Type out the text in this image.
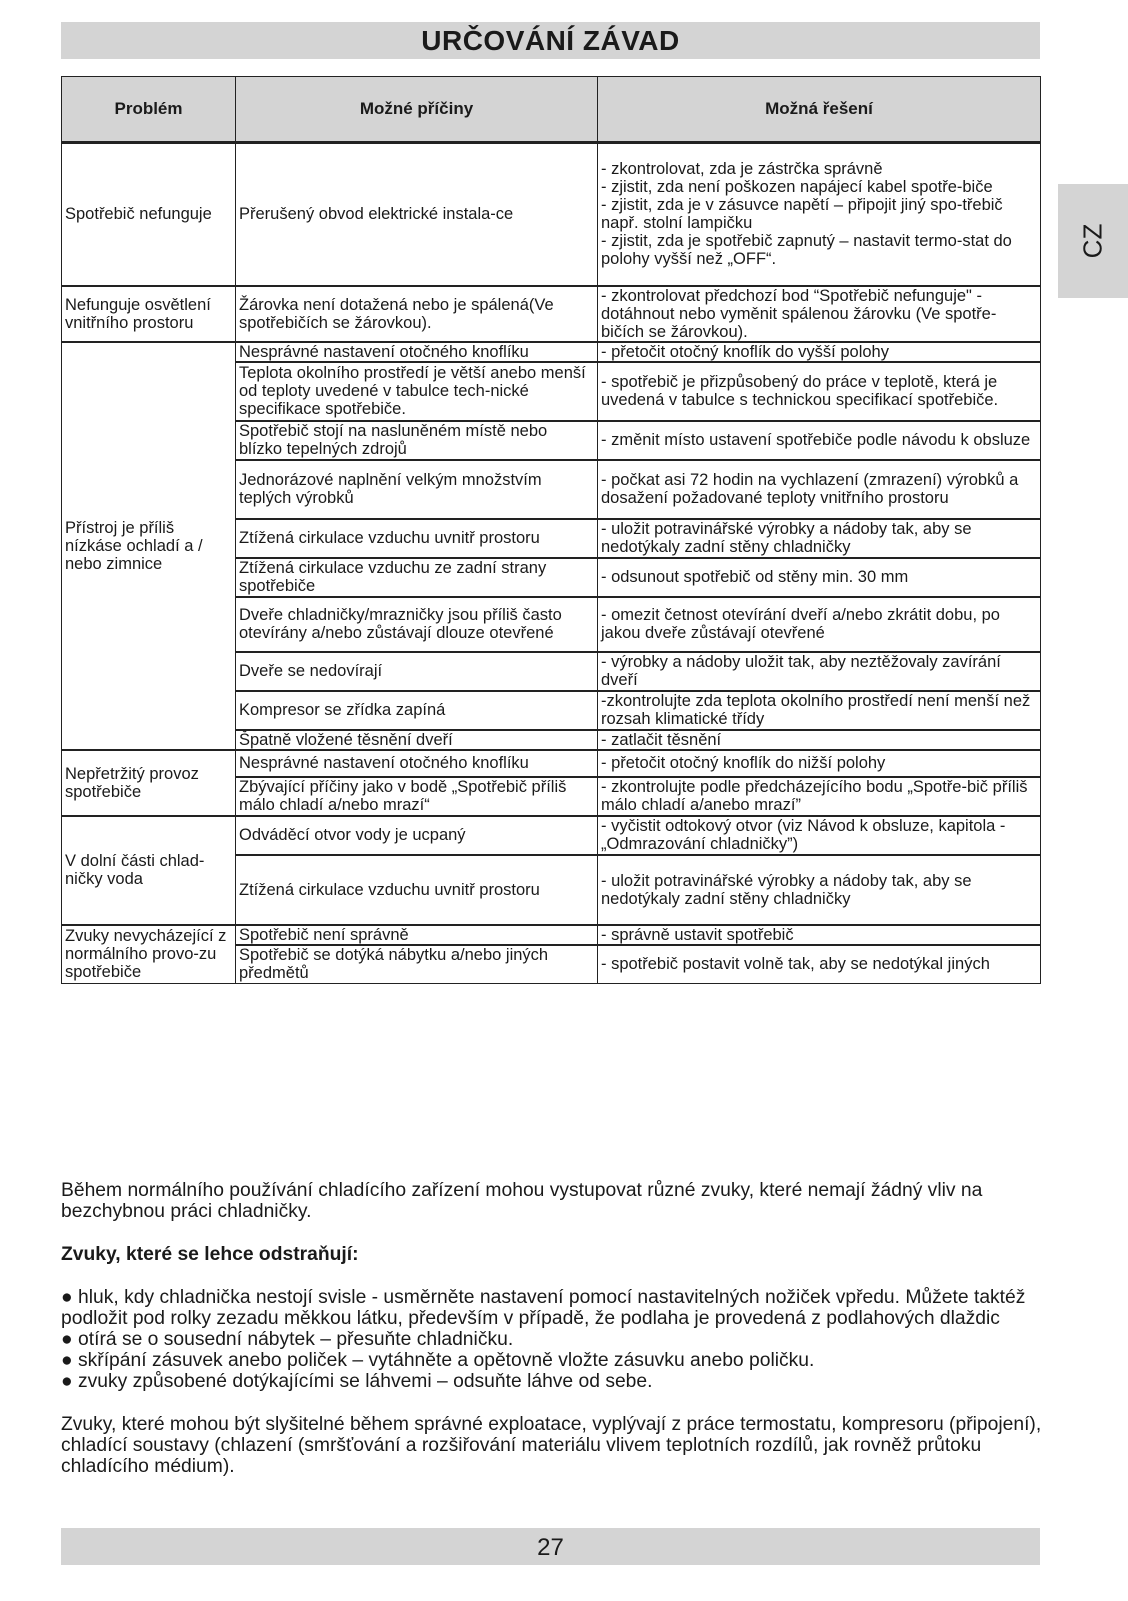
URČOVÁNÍ ZÁVAD
CZ
Problém	Možné příčiny	Možná řešení
Spotřebič nefunguje	Přerušený obvod elektrické instala-ce	- zkontrolovat, zda je zástrčka správně
- zjistit, zda není poškozen napájecí kabel spotře-biče
- zjistit, zda je v zásuvce napětí – připojit jiný spo-třebič např. stolní lampičku
- zjistit, zda je spotřebič zapnutý – nastavit termo-stat do polohy vyšší než „OFF“.
Nefunguje osvětlení vnitřního prostoru	Žárovka není dotažená nebo je spálená(Ve spotřebičích se žárovkou).	- zkontrolovat předchozí bod “Spotřebič nefunguje" - dotáhnout nebo vyměnit spálenou žárovku (Ve spotře-bičích se žárovkou).
Přístroj je příliš nízkáse ochladí a / nebo zimnice	Nesprávné nastavení otočného knoflíku	- přetočit otočný knoflík do vyšší polohy
	Teplota okolního prostředí je větší anebo menší od teploty uvedené v tabulce tech-nické specifikace spotřebiče.	- spotřebič je přizpůsobený do práce v teplotě, která je uvedená v tabulce s technickou specifikací spotřebiče.
	Spotřebič stojí na nasluněném místě nebo blízko tepelných zdrojů	- změnit místo ustavení spotřebiče podle návodu k obsluze
	Jednorázové naplnění velkým množstvím teplých výrobků	- počkat asi 72 hodin na vychlazení (zmrazení) výrobků a dosažení požadované teploty vnitřního prostoru
	Ztížená cirkulace vzduchu uvnitř prostoru	- uložit potravinářské výrobky a nádoby tak, aby se nedotýkaly zadní stěny chladničky
	Ztížená cirkulace vzduchu ze zadní strany spotřebiče	- odsunout spotřebič od stěny min. 30 mm
	Dveře chladničky/mrazničky jsou příliš často otevírány a/nebo zůstávají dlouze otevřené	- omezit četnost otevírání dveří a/nebo zkrátit dobu, po jakou dveře zůstávají otevřené
	Dveře se nedovírají	- výrobky a nádoby uložit tak, aby neztěžovaly zavírání dveří
	Kompresor se zřídka zapíná	-zkontrolujte zda teplota okolního prostředí není menší než rozsah klimatické třídy
	Špatně vložené těsnění dveří	- zatlačit těsnění
Nepřetržitý provoz spotřebiče	Nesprávné nastavení otočného knoflíku	- přetočit otočný knoflík do nižší polohy
	Zbývající příčiny jako v bodě „Spotřebič příliš málo chladí a/nebo mrazí“	- zkontrolujte podle předcházejícího bodu „Spotře-bič příliš málo chladí a/anebo mrazí”
V dolní části chlad-ničky voda	Odváděcí otvor vody je ucpaný	- vyčistit odtokový otvor (viz Návod k obsluze, kapitola - „Odmrazování chladničky”)
	Ztížená cirkulace vzduchu uvnitř prostoru	- uložit potravinářské výrobky a nádoby tak, aby se nedotýkaly zadní stěny chladničky
Zvuky nevycházející z normálního provo-zu spotřebiče	Spotřebič není správně	- správně ustavit spotřebič
	Spotřebič se dotýká nábytku a/nebo jiných předmětů	- spotřebič postavit volně tak, aby se nedotýkal jiných

Během normálního používání chladícího zařízení mohou vystupovat různé zvuky, které nemají žádný vliv na bezchybnou práci chladničky.

Zvuky, které se lehce odstraňují:

● hluk, kdy chladnička nestojí svisle - usměrněte nastavení pomocí nastavitelných nožiček vpředu. Můžete taktéž podložit pod rolky zezadu měkkou látku, především v případě, že podlaha je provedená z podlahových dlaždic

● otírá se o sousední nábytek – přesuňte chladničku.

● skřípání zásuvek anebo poliček – vytáhněte a opětovně vložte zásuvku anebo poličku.

● zvuky způsobené dotýkajícími se láhvemi – odsuňte láhve od sebe.

Zvuky, které mohou být slyšitelné během správné exploatace, vyplývají z práce termostatu, kompresoru (připojení), chladící soustavy (chlazení (smršťování a rozšiřování materiálu vlivem teplotních rozdílů, jak rovněž průtoku chladícího médium).

27
